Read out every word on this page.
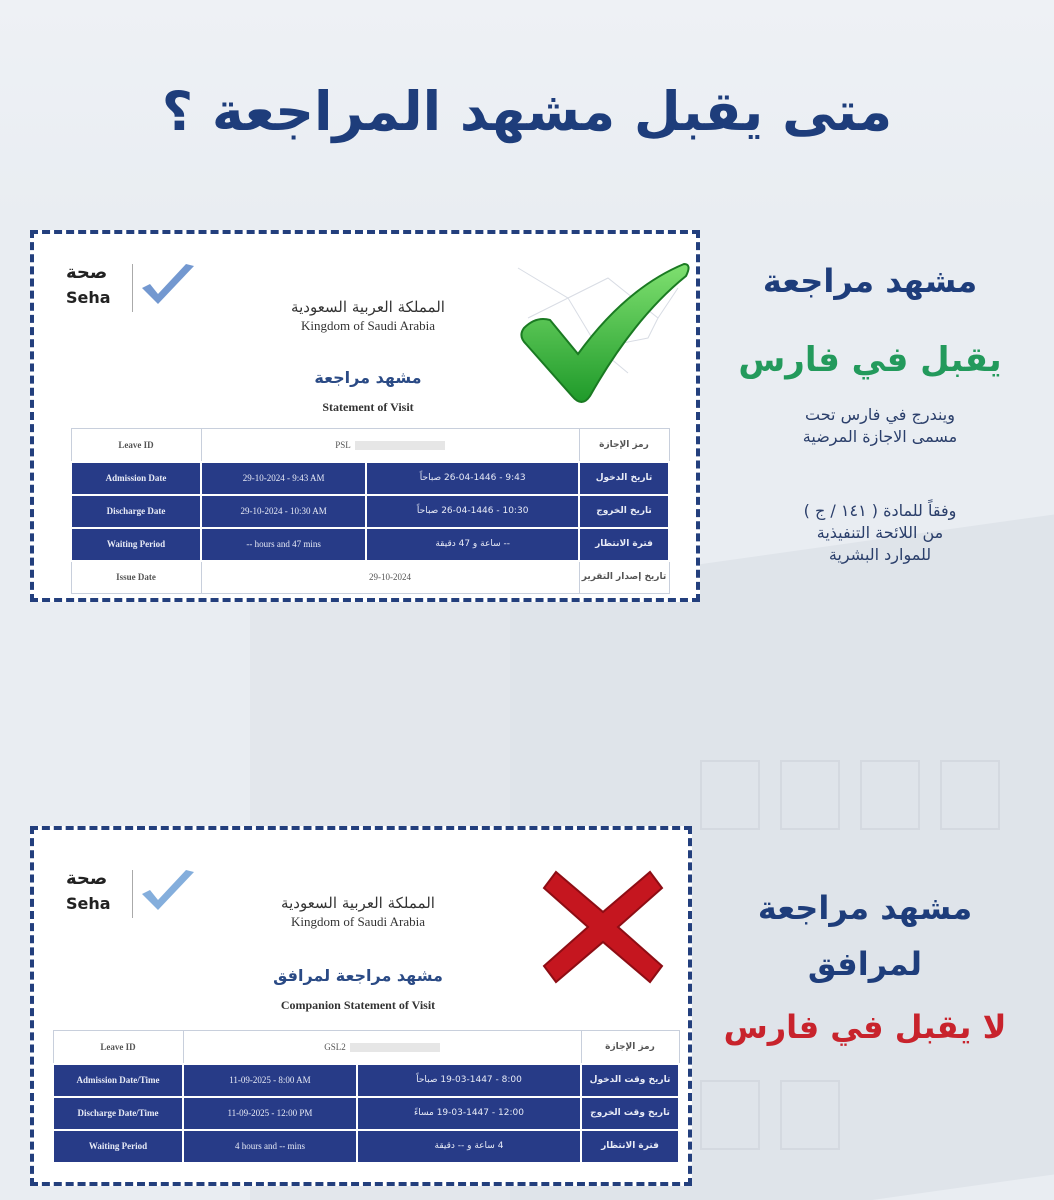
متى يقبل مشهد المراجعة ؟
صحة
Seha	المملكة العربية السعودية
Kingdom of Saudi Arabia
مشهد مراجعة
Statement of Visit
Leave ID	PSL		رمز الإجازة
Admission Date	29-10-2024 - 9:43 AM	9:43 - 26-04-1446 صباحاً	تاريخ الدخول
Discharge Date	29-10-2024 - 10:30 AM	10:30 - 26-04-1446 صباحاً	تاريخ الخروج
Waiting Period	-- hours and 47 mins	-- ساعة و 47 دقيقة	فترة الانتظار
Issue Date	29-10-2024		تاريخ إصدار التقرير
مشهد مراجعة
يقبل في فارس
ويندرج في فارس تحت
مسمى الاجازة المرضية
وفقاً للمادة ( ١٤١ / ج )
من اللائحة التنفيذية
للموارد البشرية
صحة
Seha	المملكة العربية السعودية
Kingdom of Saudi Arabia
مشهد مراجعة لمرافق
Companion Statement of Visit
Leave ID	GSL2		رمز الإجازة
Admission Date/Time	11-09-2025 - 8:00 AM	8:00 - 19-03-1447 صباحاً	تاريخ وقت الدخول
Discharge Date/Time	11-09-2025 - 12:00 PM	12:00 - 19-03-1447 مساءً	تاريخ وقت الخروج
Waiting Period	4 hours and -- mins	4 ساعة و -- دقيقة	فترة الانتظار
مشهد مراجعة
لمرافق
لا يقبل في فارس
